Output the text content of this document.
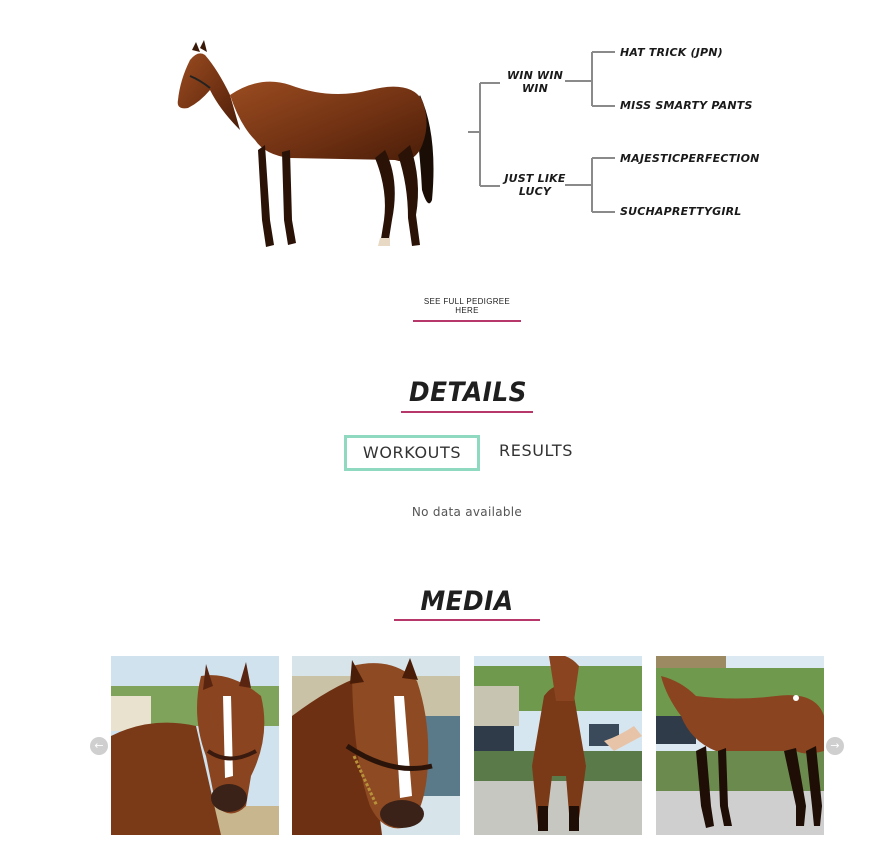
WIN WIN WIN
JUST LIKE LUCY
HAT TRICK (JPN)
MISS SMARTY PANTS
MAJESTICPERFECTION
SUCHAPRETTYGIRL
SEE FULL PEDIGREE HERE
DETAILS
WORKOUTS	RESULTS
No data available
MEDIA
←	→
